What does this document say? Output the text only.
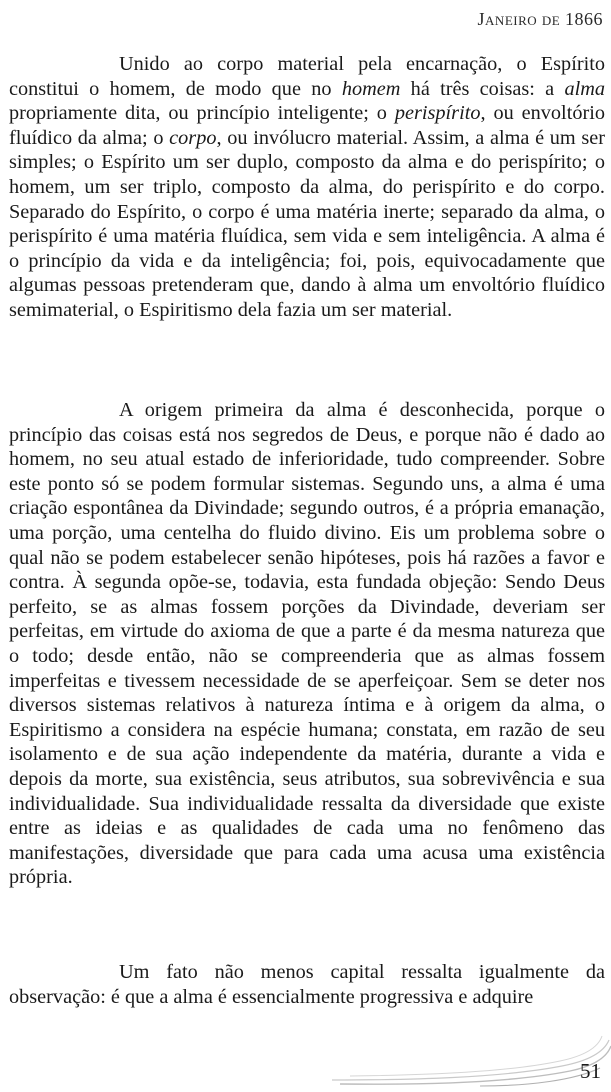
JANEIRO DE 1866

Unido ao corpo material pela encarnação, o Espírito constitui o homem, de modo que no homem há três coisas: a alma propriamente dita, ou princípio inteligente; o perispírito, ou envoltório fluídico da alma; o corpo, ou invólucro material. Assim, a alma é um ser simples; o Espírito um ser duplo, composto da alma e do perispírito; o homem, um ser triplo, composto da alma, do perispírito e do corpo. Separado do Espírito, o corpo é uma matéria inerte; separado da alma, o perispírito é uma matéria fluídica, sem vida e sem inteligência. A alma é o princípio da vida e da inteligência; foi, pois, equivocadamente que algumas pessoas pretenderam que, dando à alma um envoltório fluídico semimaterial, o Espiritismo dela fazia um ser material.

A origem primeira da alma é desconhecida, porque o princípio das coisas está nos segredos de Deus, e porque não é dado ao homem, no seu atual estado de inferioridade, tudo compreender. Sobre este ponto só se podem formular sistemas. Segundo uns, a alma é uma criação espontânea da Divindade; segundo outros, é a própria emanação, uma porção, uma centelha do fluido divino. Eis um problema sobre o qual não se podem estabelecer senão hipóteses, pois há razões a favor e contra. À segunda opõe-se, todavia, esta fundada objeção: Sendo Deus perfeito, se as almas fossem porções da Divindade, deveriam ser perfeitas, em virtude do axioma de que a parte é da mesma natureza que o todo; desde então, não se compreenderia que as almas fossem imperfeitas e tivessem necessidade de se aperfeiçoar. Sem se deter nos diversos sistemas relativos à natureza íntima e à origem da alma, o Espiritismo a considera na espécie humana; constata, em razão de seu isolamento e de sua ação independente da matéria, durante a vida e depois da morte, sua existência, seus atributos, sua sobrevivência e sua individualidade. Sua individualidade ressalta da diversidade que existe entre as ideias e as qualidades de cada uma no fenômeno das manifestações, diversidade que para cada uma acusa uma existência própria.

Um fato não menos capital ressalta igualmente da observação: é que a alma é essencialmente progressiva e adquire

51
